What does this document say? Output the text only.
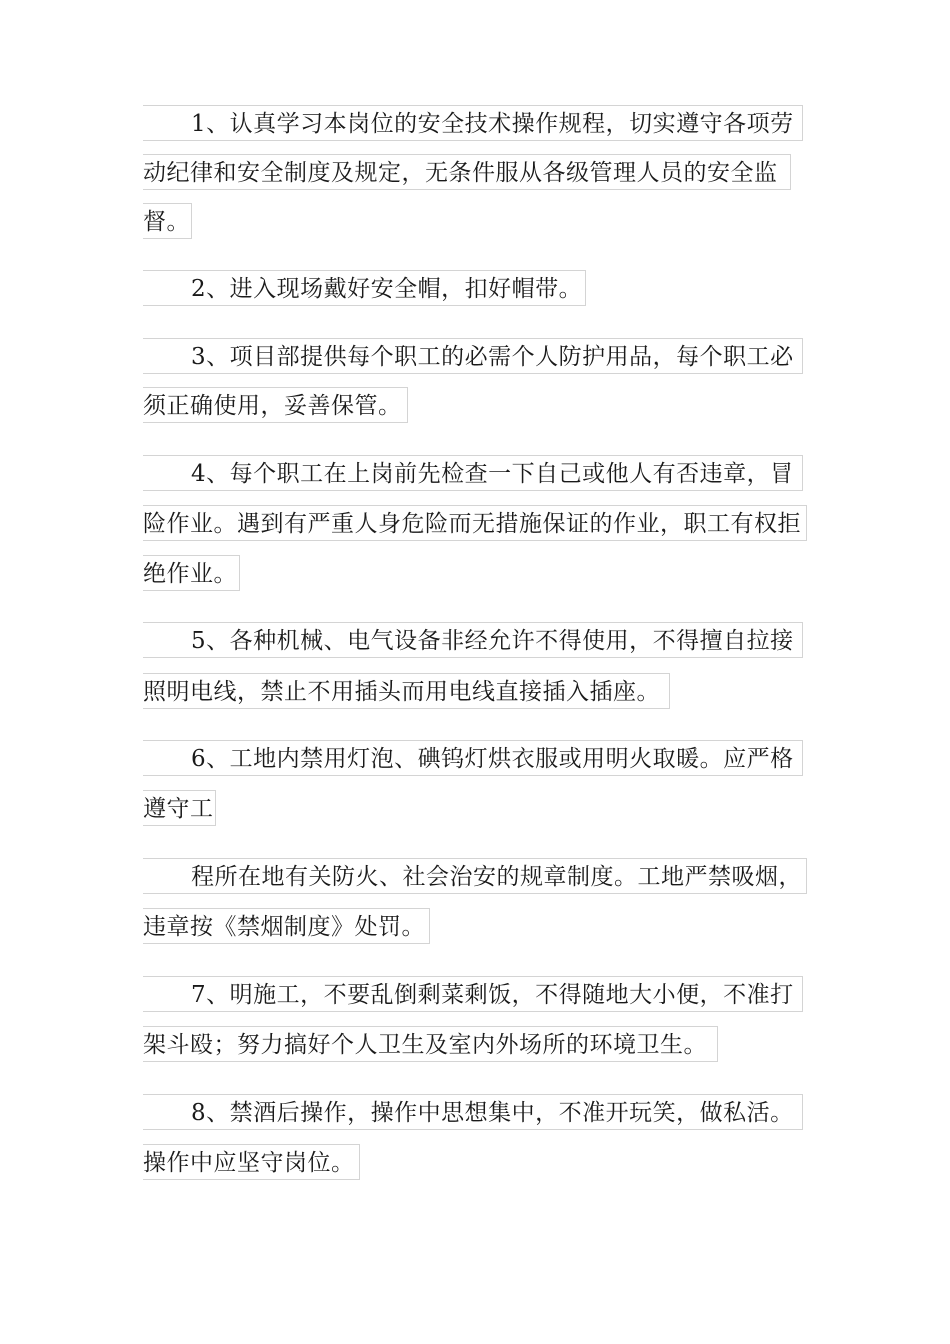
1、认真学习本岗位的安全技术操作规程，切实遵守各项劳
动纪律和安全制度及规定，无条件服从各级管理人员的安全监
督。
2、进入现场戴好安全帽，扣好帽带。
3、项目部提供每个职工的必需个人防护用品，每个职工必
须正确使用，妥善保管。
4、每个职工在上岗前先检查一下自己或他人有否违章，冒
险作业。遇到有严重人身危险而无措施保证的作业，职工有权拒
绝作业。
5、各种机械、电气设备非经允许不得使用，不得擅自拉接
照明电线，禁止不用插头而用电线直接插入插座。
6、工地内禁用灯泡、碘钨灯烘衣服或用明火取暖。应严格
遵守工
程所在地有关防火、社会治安的规章制度。工地严禁吸烟，
违章按《禁烟制度》处罚。
7、明施工，不要乱倒剩菜剩饭，不得随地大小便，不准打
架斗殴；努力搞好个人卫生及室内外场所的环境卫生。
8、禁酒后操作，操作中思想集中，不准开玩笑，做私活。
操作中应坚守岗位。
